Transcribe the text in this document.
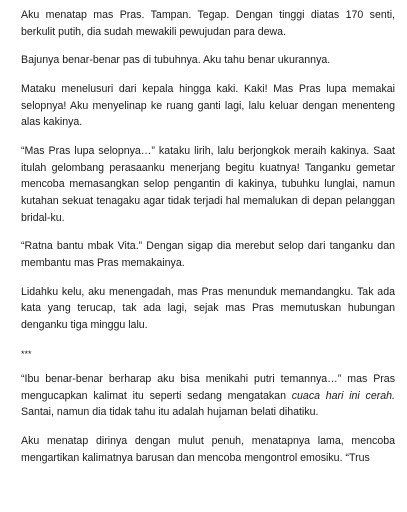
Aku menatap mas Pras. Tampan. Tegap. Dengan tinggi diatas 170 senti, berkulit putih, dia sudah mewakili pewujudan para dewa.

Bajunya benar-benar pas di tubuhnya. Aku tahu benar ukurannya.

Mataku menelusuri dari kepala hingga kaki. Kaki! Mas Pras lupa memakai selopnya! Aku menyelinap ke ruang ganti lagi, lalu keluar dengan menenteng alas kakinya.

“Mas Pras lupa selopnya…” kataku lirih, lalu berjongkok meraih kakinya. Saat itulah gelombang perasaanku menerjang begitu kuatnya! Tanganku gemetar mencoba memasangkan selop pengantin di kakinya, tubuhku lunglai, namun kutahan sekuat tenagaku agar tidak terjadi hal memalukan di depan pelanggan bridal-ku.

“Ratna bantu mbak Vita.” Dengan sigap dia merebut selop dari tanganku dan membantu mas Pras memakainya.

Lidahku kelu, aku menengadah, mas Pras menunduk memandangku. Tak ada kata yang terucap, tak ada lagi, sejak mas Pras memutuskan hubungan denganku tiga minggu lalu.

***

“Ibu benar-benar berharap aku bisa menikahi putri temannya…” mas Pras mengucapkan kalimat itu seperti sedang mengatakan cuaca hari ini cerah. Santai, namun dia tidak tahu itu adalah hujaman belati dihatiku.

Aku menatap dirinya dengan mulut penuh, menatapnya lama, mencoba mengartikan kalimatnya barusan dan mencoba mengontrol emosiku. “Trus
